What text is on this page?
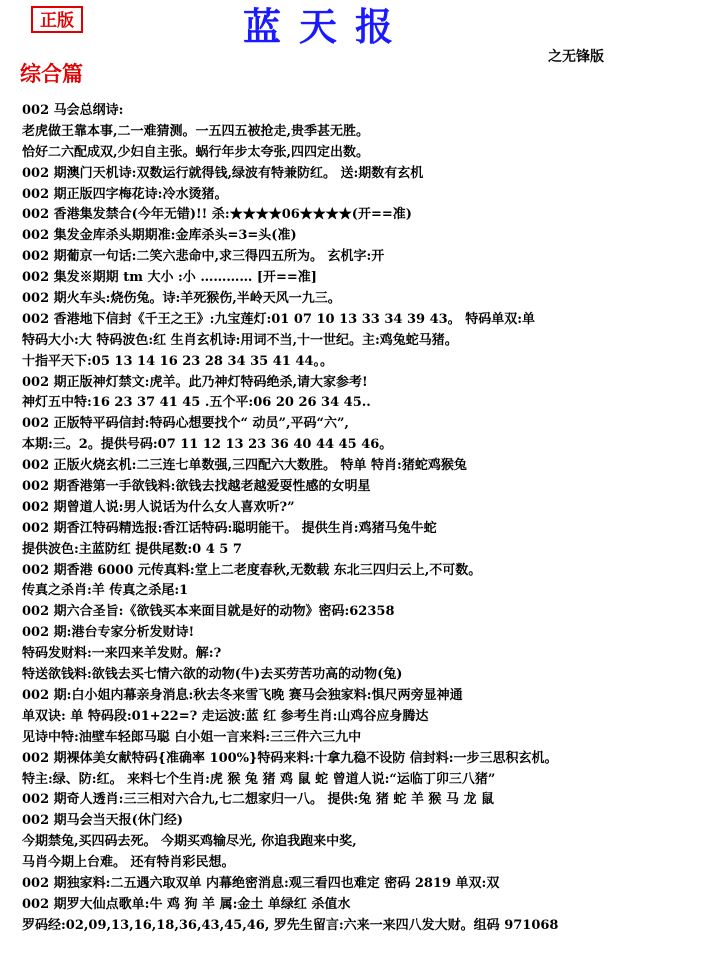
正版	蓝天报
之无锋版
综合篇
002 马会总纲诗:
老虎做王靠本事,二一难猜测。一五四五被抢走,贵季甚无胜。
恰好二六配成双,少妇自主张。蜗行年步太夸张,四四定出数。
002 期澳门天机诗:双数运行就得钱,绿波有特兼防红。 送:期数有玄机
002 期正版四字梅花诗:冷水烫猪。
002 香港集发禁合(今年无错)!! 杀:★★★★06★★★★(开==准)
002 集发金库杀头期期准:金库杀头=3=头(准)
002 期葡京一句话:二笑六悲命中,求三得四五所为。 玄机字:开
002 集发※期期 tm 大小 :小 ………… [开==准]
002 期火车头:烧伤兔。诗:羊死猴伤,半岭天风一九三。
002 香港地下信封《千王之王》:九宝莲灯:01 07 10 13 33 34 39 43。 特码单双:单
特码大小:大 特码波色:红 生肖玄机诗:用词不当,十一世纪。主:鸡兔蛇马猪。
十指平天下:05 13 14 16 23 28 34 35 41 44。。
002 期正版神灯禁文:虎羊。此乃神灯特码绝杀,请大家参考!
神灯五中特:16 23 37 41 45 .五个平:06 20 26 34 45..
002 正版特平码信封:特码心想要找个“ 动员”,平码“六”,
本期:三。2。提供号码:07 11 12 13 23 36 40 44 45 46。
002 正版火烧玄机:二三连七单数强,三四配六大数胜。 特单 特肖:猪蛇鸡猴兔
002 期香港第一手欲钱料:欲钱去找越老越爱耍性感的女明星
002 期曾道人说:男人说话为什么女人喜欢听?”
002 期香江特码精选报:香江话特码:聪明能干。 提供生肖:鸡猪马兔牛蛇
提供波色:主蓝防红 提供尾数:0 4 5 7
002 期香港 6000 元传真料:堂上二老度春秋,无数载 东北三四归云上,不可数。
传真之杀肖:羊 传真之杀尾:1
002 期六合圣旨:《欲钱买本来面目就是好的动物》密码:62358
002 期:港台专家分析发财诗!
特码发财料:一来四来羊发财。解:?
特送欲钱料:欲钱去买七情六欲的动物(牛)去买劳苦功高的动物(兔)
002 期:白小姐内幕亲身消息:秋去冬来雪飞晚 赛马会独家料:惧尺两旁显神通
单双诀: 单 特码段:01+22=? 走运波:蓝 红 参考生肖:山鸡谷应身腾达
见诗中特:油壁车轻郎马聪 白小姐一言来料:三三件六三九中
002 期裸体美女献特码{准确率 100%}特码来料:十拿九稳不设防 信封料:一步三思积玄机。
特主:绿、防:红。 来料七个生肖:虎 猴 兔 猪 鸡 鼠 蛇 曾道人说:“运临丁卯三八猪”
002 期奇人透肖:三三相对六合九,七二想家归一八。 提供:兔 猪 蛇 羊 猴 马 龙 鼠
002 期马会当天报(休门经)
今期禁兔,买四码去死。 今期买鸡输尽光, 你追我跑来中奖,
马肖今期上台难。 还有特肖彩民想。
002 期独家料:二五遇六取双单 内幕绝密消息:观三看四也难定 密码 2819 单双:双
002 期罗大仙点歌单:牛 鸡 狗 羊 属:金土 单绿红 杀值水
罗码经:02,09,13,16,18,36,43,45,46, 罗先生留言:六来一来四八发大财。组码 971068
